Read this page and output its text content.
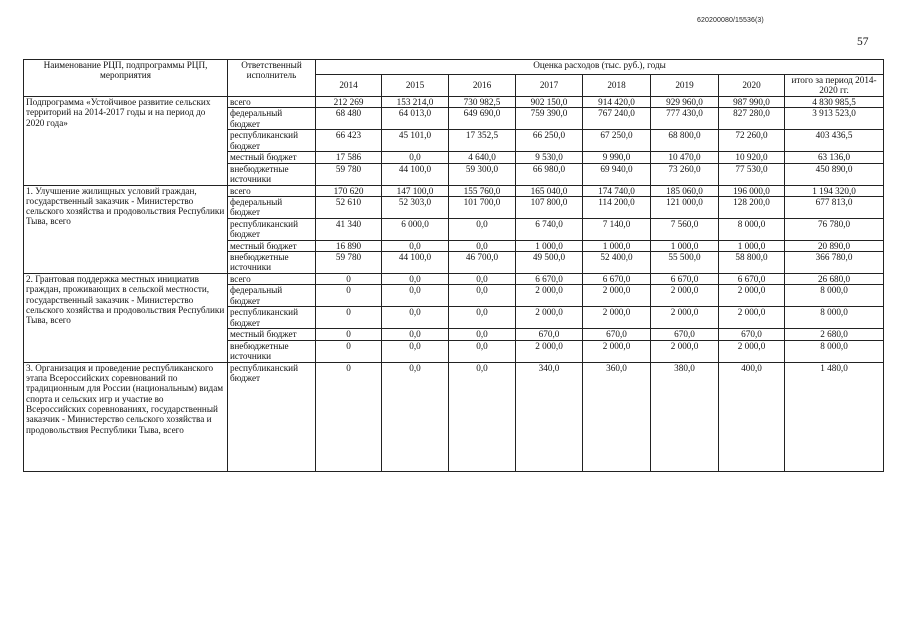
620200080/15536(3)
57
Наименование РЦП, подпрограммы РЦП, мероприятия	Ответственный исполнитель	Оценка расходов (тыс. руб.), годы							
		2014	2015	2016	2017	2018	2019	2020	итого за период 2014-2020 гг.
Подпрограмма «Устойчивое развитие сельских территорий на 2014-2017 годы и на период до 2020 года»	всего	212 269	153 214,0	730 982,5	902 150,0	914 420,0	929 960,0	987 990,0	4 830 985,5
	федеральный бюджет	68 480	64 013,0	649 690,0	759 390,0	767 240,0	777 430,0	827 280,0	3 913 523,0
	республиканский бюджет	66 423	45 101,0	17 352,5	66 250,0	67 250,0	68 800,0	72 260,0	403 436,5
	местный бюджет	17 586	0,0	4 640,0	9 530,0	9 990,0	10 470,0	10 920,0	63 136,0
	внебюджетные источники	59 780	44 100,0	59 300,0	66 980,0	69 940,0	73 260,0	77 530,0	450 890,0
1. Улучшение жилищных условий граждан, государственный заказчик - Министерство сельского хозяйства и продовольствия Республики Тыва, всего	всего	170 620	147 100,0	155 760,0	165 040,0	174 740,0	185 060,0	196 000,0	1 194 320,0
	федеральный бюджет	52 610	52 303,0	101 700,0	107 800,0	114 200,0	121 000,0	128 200,0	677 813,0
	республиканский бюджет	41 340	6 000,0	0,0	6 740,0	7 140,0	7 560,0	8 000,0	76 780,0
	местный бюджет	16 890	0,0	0,0	1 000,0	1 000,0	1 000,0	1 000,0	20 890,0
	внебюджетные источники	59 780	44 100,0	46 700,0	49 500,0	52 400,0	55 500,0	58 800,0	366 780,0
2. Грантовая поддержка местных инициатив граждан, проживающих в сельской местности, государственный заказчик - Министерство сельского хозяйства и продовольствия Республики Тыва, всего	всего	0	0,0	0,0	6 670,0	6 670,0	6 670,0	6 670,0	26 680,0
	федеральный бюджет	0	0,0	0,0	2 000,0	2 000,0	2 000,0	2 000,0	8 000,0
	республиканский бюджет	0	0,0	0,0	2 000,0	2 000,0	2 000,0	2 000,0	8 000,0
	местный бюджет	0	0,0	0,0	670,0	670,0	670,0	670,0	2 680,0
	внебюджетные источники	0	0,0	0,0	2 000,0	2 000,0	2 000,0	2 000,0	8 000,0
3. Организация и проведение республиканского этапа Всероссийских соревнований по традиционным для России (национальным) видам спорта и сельских игр и участие во Всероссийских соревнованиях, государственный заказчик - Министерство сельского хозяйства и продовольствия Республики Тыва, всего	республиканский бюджет	0	0,0	0,0	340,0	360,0	380,0	400,0	1 480,0
